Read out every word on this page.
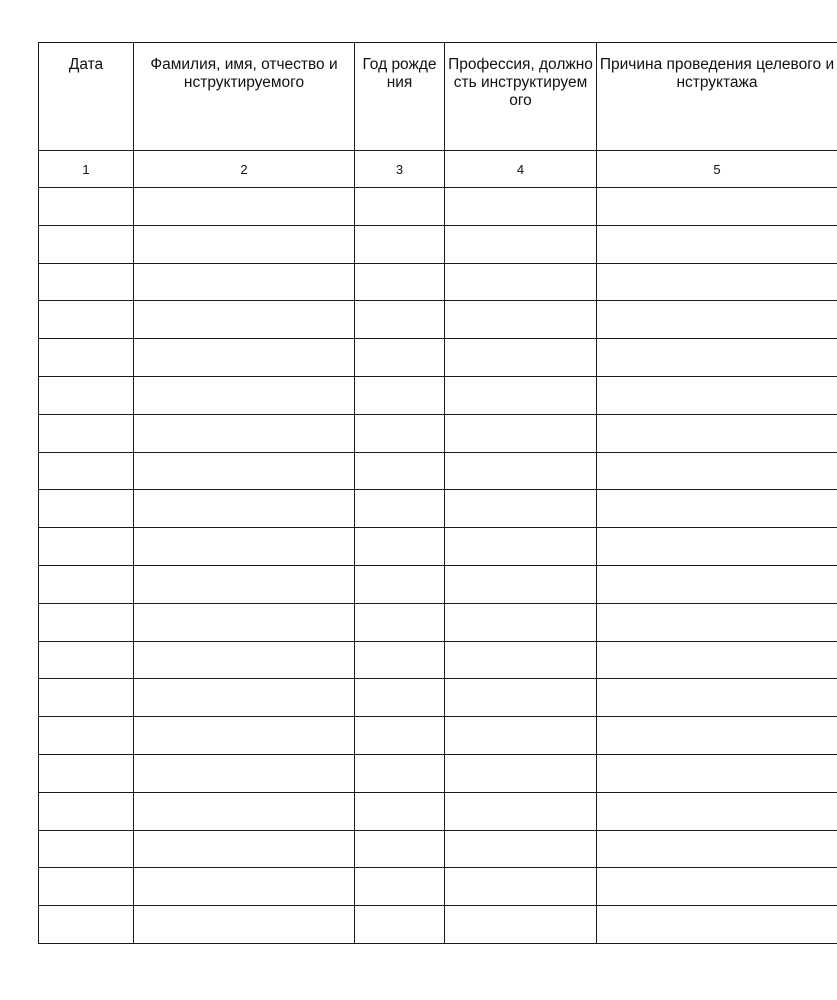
Дата	Фамилия, имя, отчество инструктируемого	Год рожде ния	Профессия, должность инструктируем ого	Причина проведения целевого инструктажа
1	2	3	4	5
